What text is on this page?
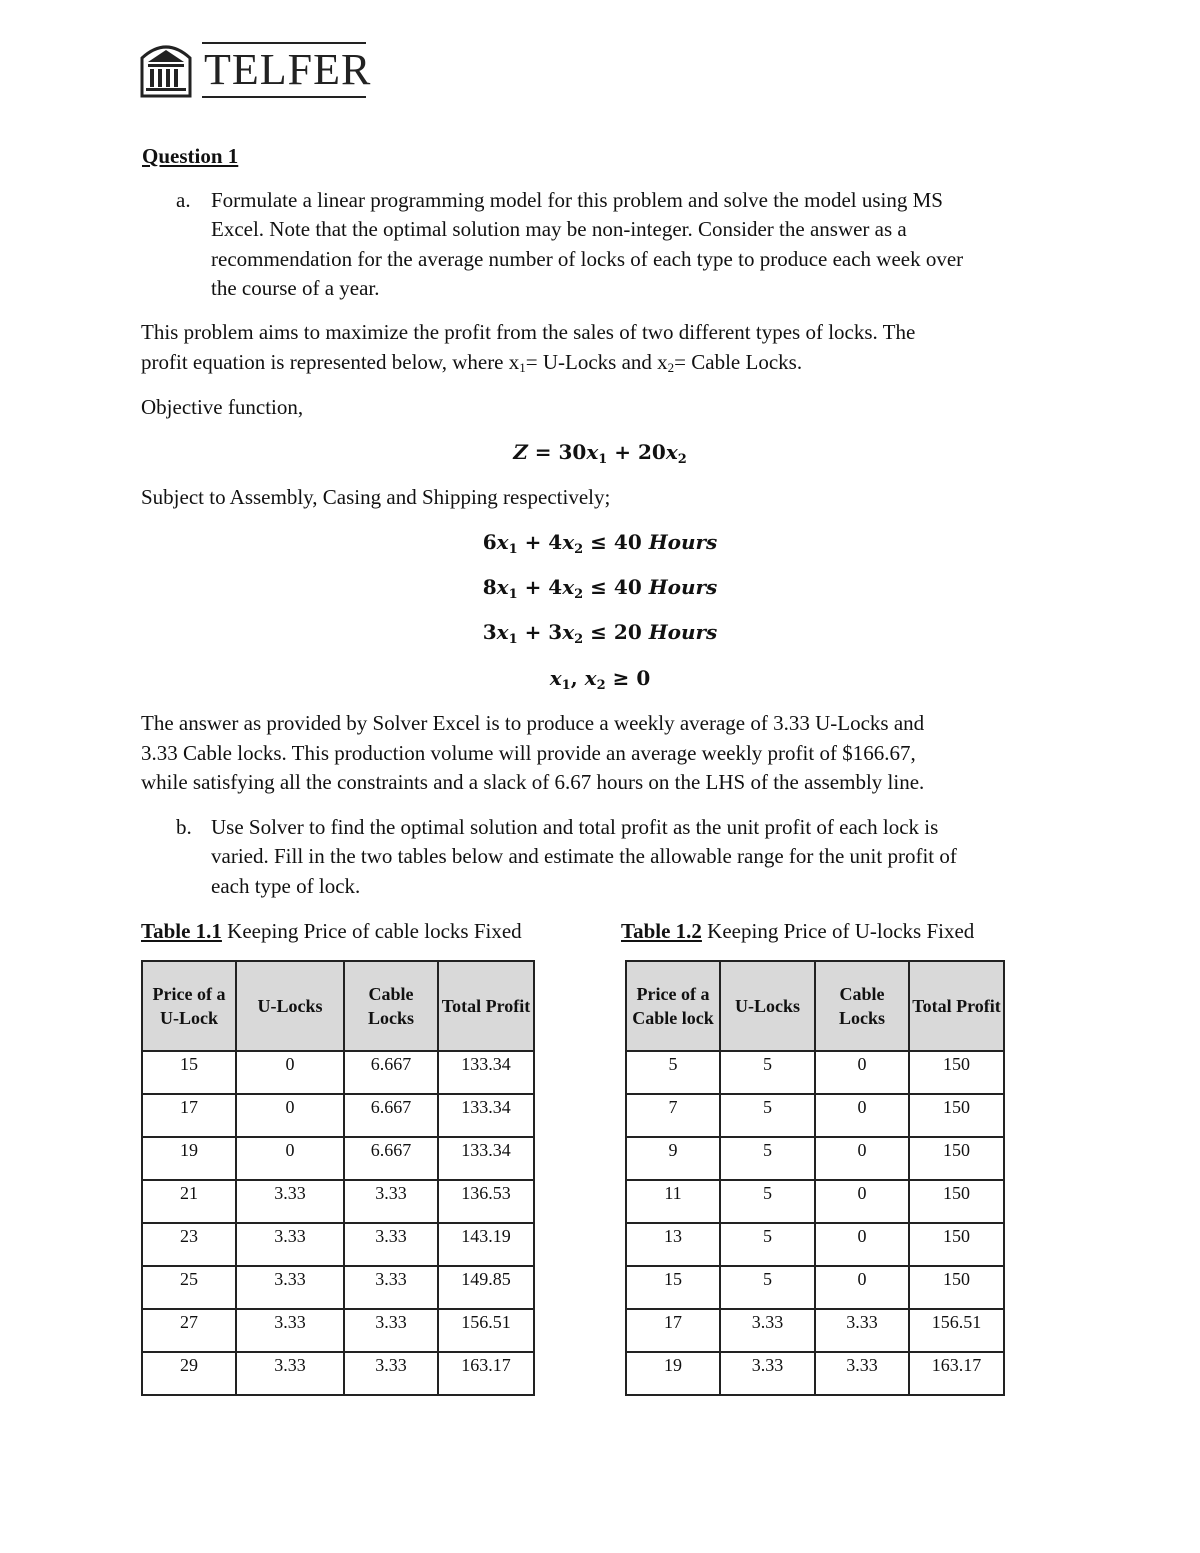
TELFER
Question 1
a. Formulate a linear programming model for this problem and solve the model using MS
Excel. Note that the optimal solution may be non-integer. Consider the answer as a
recommendation for the average number of locks of each type to produce each week over
the course of a year.
This problem aims to maximize the profit from the sales of two different types of locks. The
profit equation is represented below, where $x_1=$ U-Locks and $x_2=$ Cable Locks.
Objective function,
$Z = 30x_1 + 20x_2$
Subject to Assembly, Casing and Shipping respectively;
$6x_1 + 4x_2 \le 40$ Hours
$8x_1 + 4x_2 \le 40$ Hours
$3x_1 + 3x_2 \le 20$ Hours
$x_1$, $x_2 \ge 0$
The answer as provided by Solver Excel is to produce a weekly average of 3.33 U-Locks and
3.33 Cable locks. This production volume will provide an average weekly profit of $166.67,
while satisfying all the constraints and a slack of 6.67 hours on the LHS of the assembly line.
b. Use Solver to find the optimal solution and total profit as the unit profit of each lock is
varied. Fill in the two tables below and estimate the allowable range for the unit profit of
each type of lock.
Table 1.1 Keeping Price of cable locks Fixed	Table 1.2 Keeping Price of U-locks Fixed
Price of a U-Lock	U-Locks	Cable Locks	Total Profit
15	0	6.667	133.34
17	0	6.667	133.34
19	0	6.667	133.34
21	3.33	3.33	136.53
23	3.33	3.33	143.19
25	3.33	3.33	149.85
27	3.33	3.33	156.51
29	3.33	3.33	163.17
Price of a Cable lock	U-Locks	Cable Locks	Total Profit
5	5	0	150
7	5	0	150
9	5	0	150
11	5	0	150
13	5	0	150
15	5	0	150
17	3.33	3.33	156.51
19	3.33	3.33	163.17
